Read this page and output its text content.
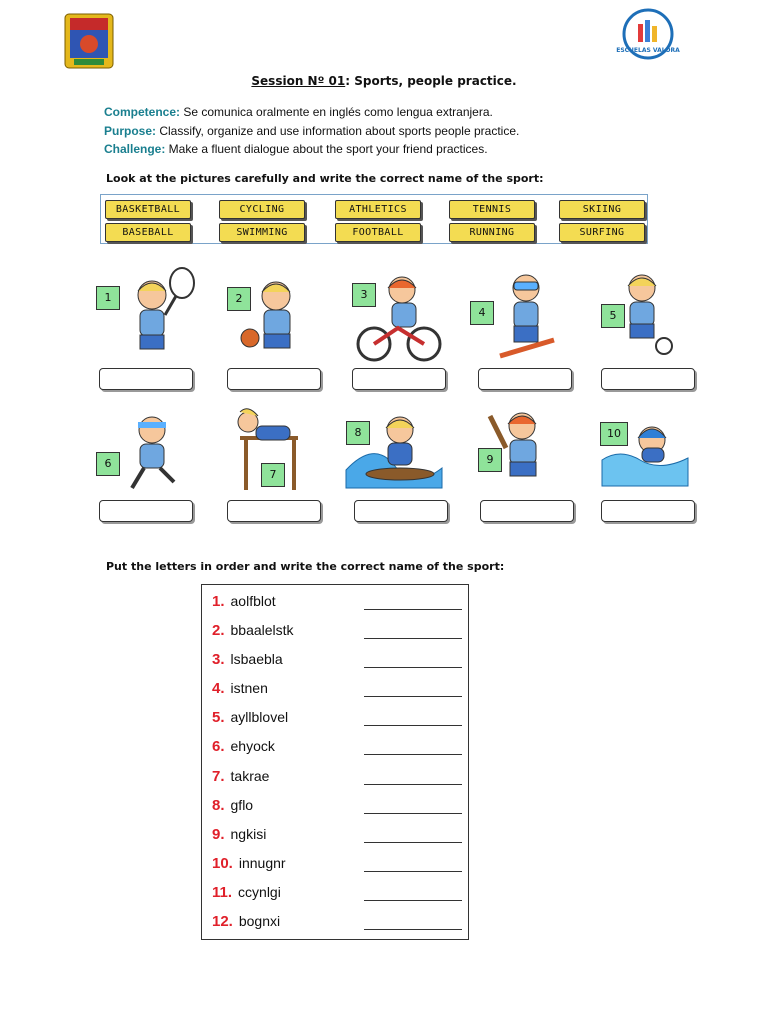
ESCUELAS VALORA
Session Nº 01: Sports, people practice.
Competence: Se comunica oralmente en inglés como lengua extranjera.
Purpose: Classify, organize and use information about sports people practice.
Challenge: Make a fluent dialogue about the sport your friend practices.
Look at the pictures carefully and write the correct name of the sport:
BASKETBALL	CYCLING	ATHLETICS	TENNIS	SKIING
BASEBALL	SWIMMING	FOOTBALL	RUNNING	SURFING
1	2	3
4	5
6
7
8
9
10
Put the letters in order and write the correct name of the sport:
1. aolfblot
2. bbaalelstk
3. lsbaebla
4. istnen
5. ayllblovel
6. ehyock
7. takrae
8. gflo
9. ngkisi
10. innugnr
11. ccynlgi
12. bognxi
